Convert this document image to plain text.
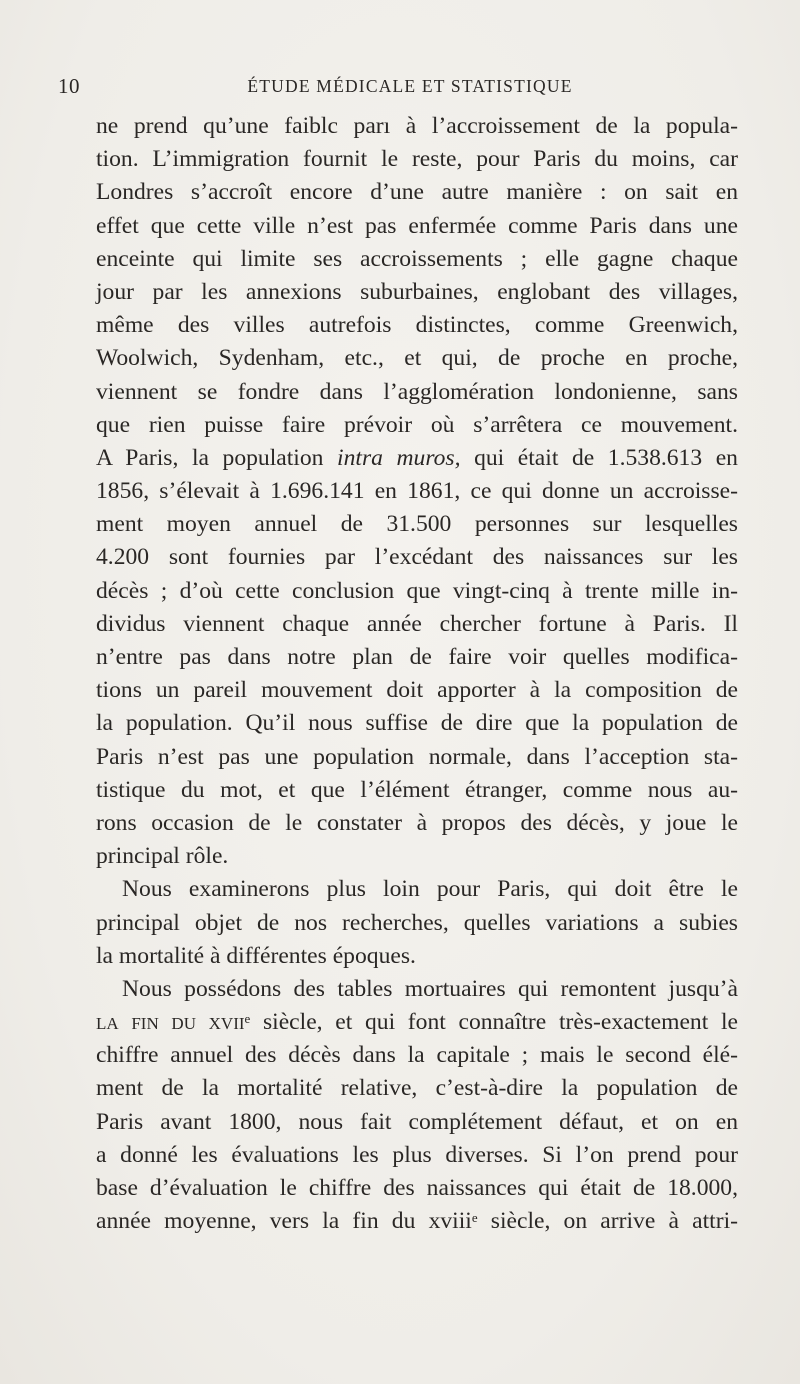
10	ÉTUDE MÉDICALE ET STATISTIQUE
ne prend qu’une faiblc parı à l’accroissement de la popula-
tion. L’immigration fournit le reste, pour Paris du moins, car
Londres s’accroît encore d’une autre manière : on sait en
effet que cette ville n’est pas enfermée comme Paris dans une
enceinte qui limite ses accroissements ; elle gagne chaque
jour par les annexions suburbaines, englobant des villages,
même des villes autrefois distinctes, comme Greenwich,
Woolwich, Sydenham, etc., et qui, de proche en proche,
viennent se fondre dans l’agglomération londonienne, sans
que rien puisse faire prévoir où s’arrêtera ce mouvement.
A Paris, la population intra muros, qui était de 1.538.613 en
1856, s’élevait à 1.696.141 en 1861, ce qui donne un accroisse-
ment moyen annuel de 31.500 personnes sur lesquelles
4.200 sont fournies par l’excédant des naissances sur les
décès ; d’où cette conclusion que vingt-cinq à trente mille in-
dividus viennent chaque année chercher fortune à Paris. Il
n’entre pas dans notre plan de faire voir quelles modifica-
tions un pareil mouvement doit apporter à la composition de
la population. Qu’il nous suffise de dire que la population de
Paris n’est pas une population normale, dans l’acception sta-
tistique du mot, et que l’élément étranger, comme nous au-
rons occasion de le constater à propos des décès, y joue le
principal rôle.
Nous examinerons plus loin pour Paris, qui doit être le
principal objet de nos recherches, quelles variations a subies
la mortalité à différentes époques.
Nous possédons des tables mortuaires qui remontent jusqu’à
la fin du xvii$^e$ siècle, et qui font connaître très-exactement le
chiffre annuel des décès dans la capitale ; mais le second élé-
ment de la mortalité relative, c’est-à-dire la population de
Paris avant 1800, nous fait complétement défaut, et on en
a donné les évaluations les plus diverses. Si l’on prend pour
base d’évaluation le chiffre des naissances qui était de 18.000,
année moyenne, vers la fin du xviii$^e$ siècle, on arrive à attri-
